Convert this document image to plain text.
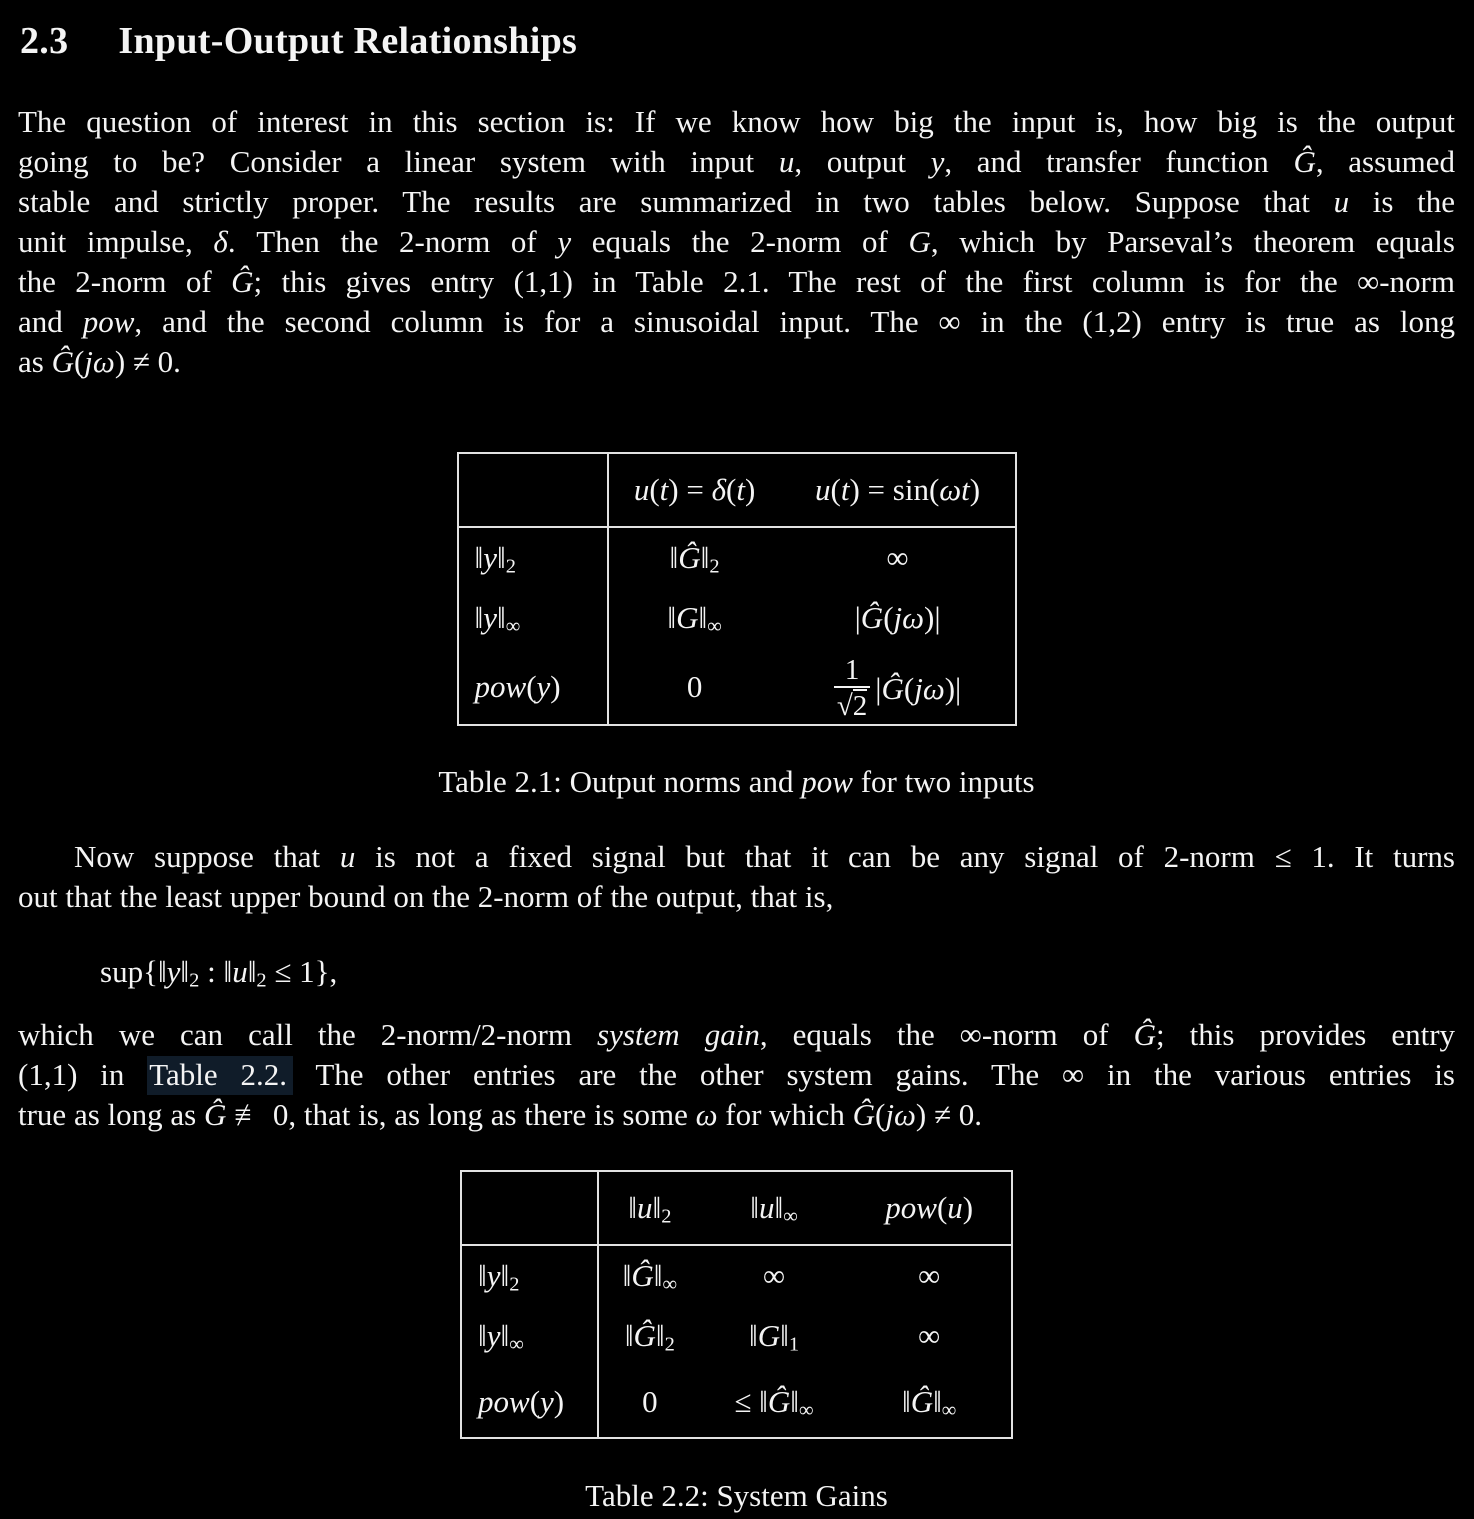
2.3 Input-Output Relationships
The question of interest in this section is: If we know how big the input is, how big is the output
going to be? Consider a linear system with input u, output y, and transfer function Ĝ, assumed
stable and strictly proper. The results are summarized in two tables below. Suppose that u is the
unit impulse, δ. Then the 2-norm of y equals the 2-norm of G, which by Parseval’s theorem equals
the 2-norm of Ĝ; this gives entry (1,1) in Table 2.1. The rest of the first column is for the ∞-norm
and pow, and the second column is for a sinusoidal input. The ∞ in the (1,2) entry is true as long
as Ĝ(jω) ≠ 0.
	u(t) = δ(t)	u(t) = sin(ωt)
$‖y‖_2$	$‖Ĝ‖_2$	∞
$‖y‖_\infty$	$‖G‖_\infty$	|Ĝ(jω)|
pow(y)	0	$\frac{1}{√2}$ |Ĝ(jω)|
Table 2.1: Output norms and pow for two inputs
Now suppose that u is not a fixed signal but that it can be any signal of 2-norm ≤ 1. It turns
out that the least upper bound on the 2-norm of the output, that is,
$sup\{‖y‖_2$ : $‖u‖_2 \le 1$},
which we can call the 2-norm/2-norm system gain, equals the ∞-norm of Ĝ; this provides entry
(1,1) in Table 2.2. The other entries are the other system gains. The ∞ in the various entries is
true as long as Ĝ ≢ 0, that is, as long as there is some ω for which Ĝ(jω) ≠ 0.
	$‖u‖_2$	$‖u‖_\infty$	pow(u)
$‖y‖_2$	$‖Ĝ‖_\infty$	∞	∞
$‖y‖_\infty$	$‖Ĝ‖_2$	$‖G‖_1$	∞
pow(y)	0	≤ $‖Ĝ‖_\infty$	$‖Ĝ‖_\infty$
Table 2.2: System Gains
